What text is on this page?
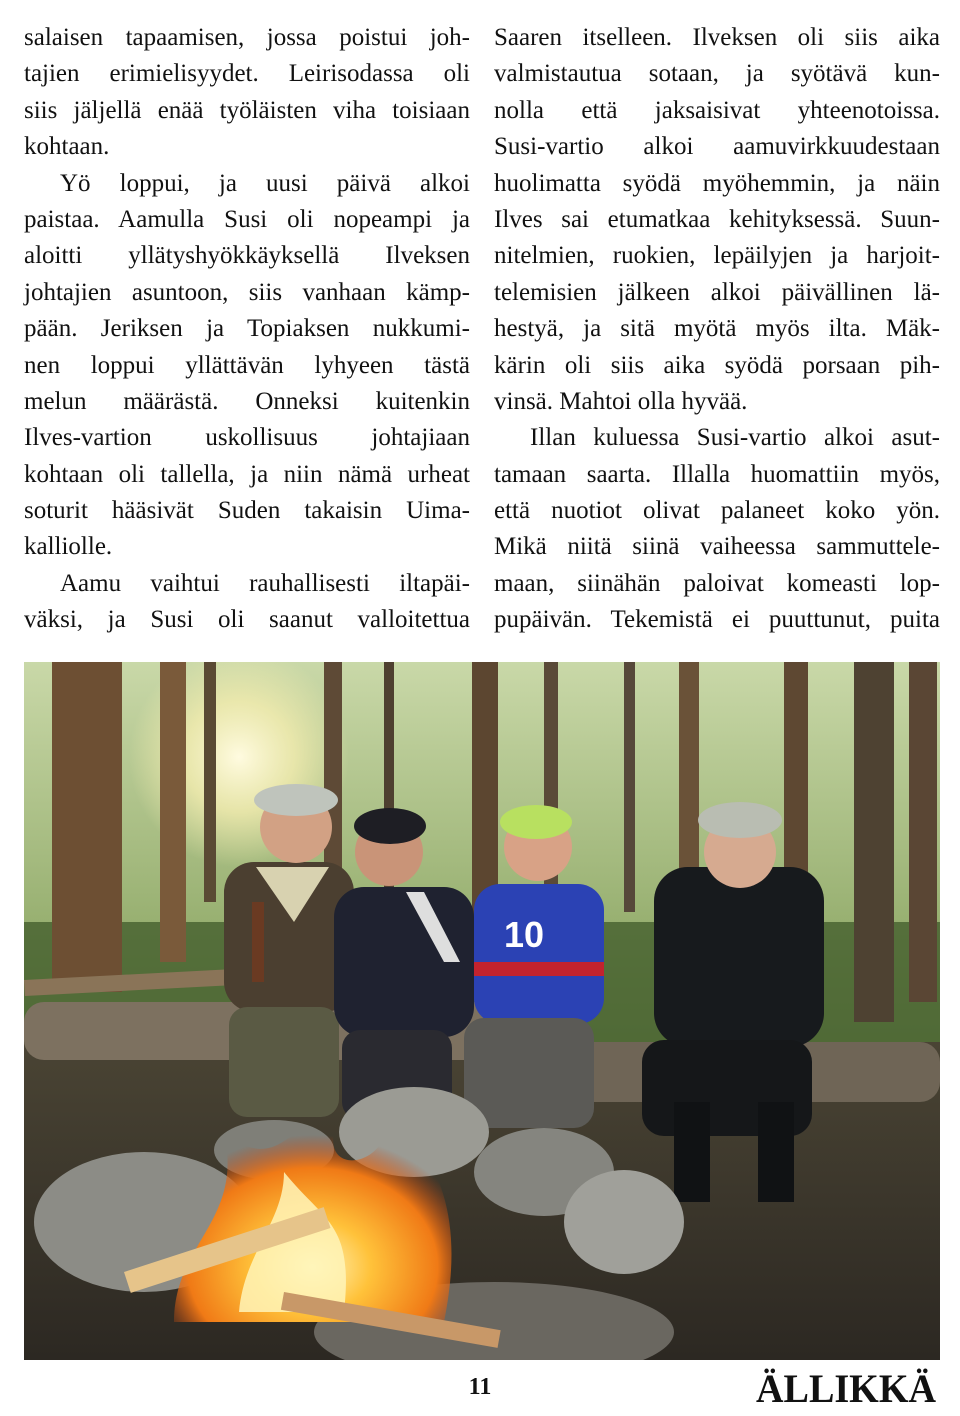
salaisen tapaamisen, jossa poistui joh-
tajien erimielisyydet. Leirisodassa oli
siis jäljellä enää työläisten viha toisiaan
kohtaan.
Yö loppui, ja uusi päivä alkoi
paistaa. Aamulla Susi oli nopeampi ja
aloitti yllätyshyökkäyksellä Ilveksen
johtajien asuntoon, siis vanhaan kämp-
pään. Jeriksen ja Topiaksen nukkumi-
nen loppui yllättävän lyhyeen tästä
melun määrästä. Onneksi kuitenkin
Ilves-vartion uskollisuus johtajiaan
kohtaan oli tallella, ja niin nämä urheat
soturit hääsivät Suden takaisin Uima-
kalliolle.
Aamu vaihtui rauhallisesti iltapäi-
väksi, ja Susi oli saanut valloitettua
Saaren itselleen. Ilveksen oli siis aika
valmistautua sotaan, ja syötävä kun-
nolla että jaksaisivat yhteenotoissa.
Susi-vartio alkoi aamuvirkkuudestaan
huolimatta syödä myöhemmin, ja näin
Ilves sai etumatkaa kehityksessä. Suun-
nitelmien, ruokien, lepäilyjen ja harjoit-
telemisien jälkeen alkoi päivällinen lä-
hestyä, ja sitä myötä myös ilta. Mäk-
kärin oli siis aika syödä porsaan pih-
vinsä. Mahtoi olla hyvää.
Illan kuluessa Susi-vartio alkoi asut-
tamaan saarta. Illalla huomattiin myös,
että nuotiot olivat palaneet koko yön.
Mikä niitä siinä vaiheessa sammuttele-
maan, siinähän paloivat komeasti lop-
pupäivän. Tekemistä ei puuttunut, puita
10
11	ÄLLIKKÄ
